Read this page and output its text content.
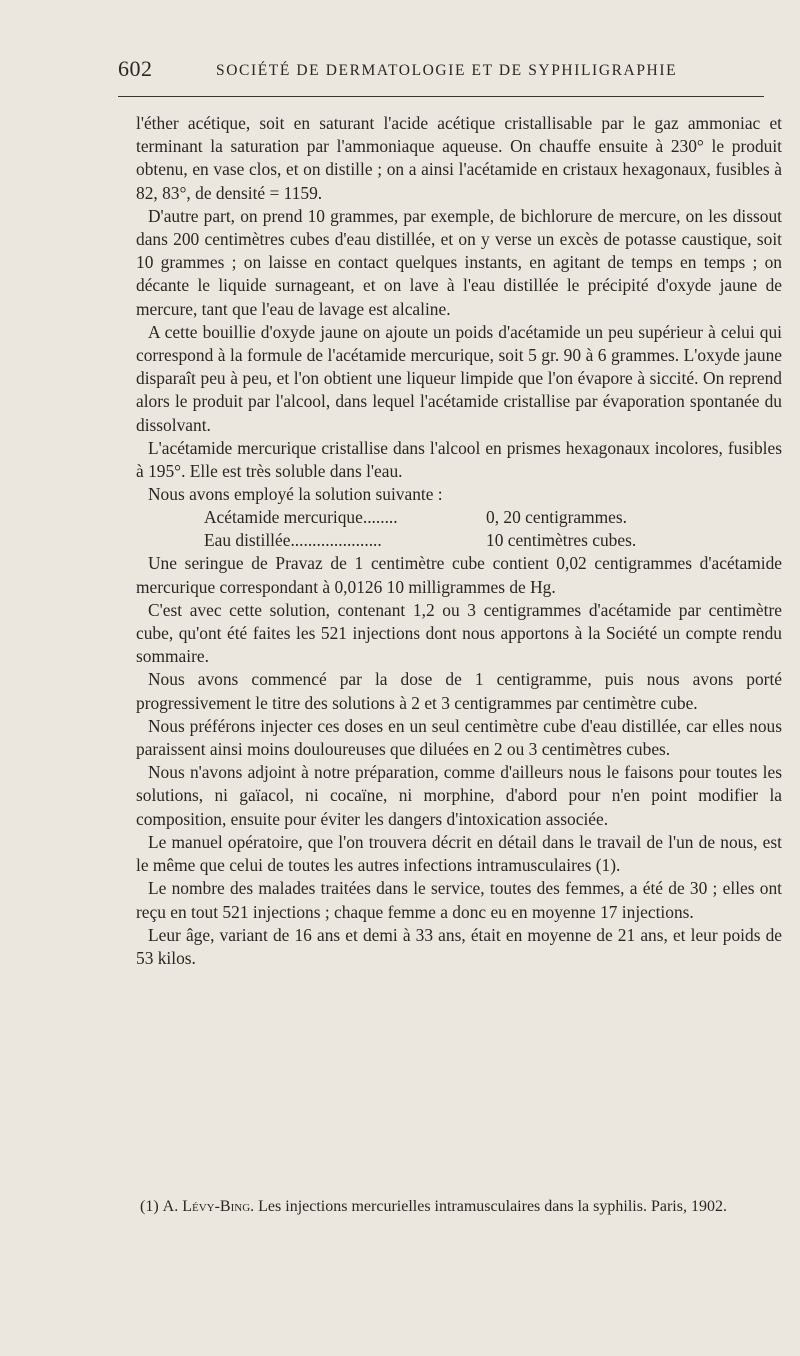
602	SOCIÉTÉ DE DERMATOLOGIE ET DE SYPHILIGRAPHIE

l'éther acétique, soit en saturant l'acide acétique cristallisable par le gaz ammoniac et terminant la saturation par l'ammoniaque aqueuse. On chauffe ensuite à 230° le produit obtenu, en vase clos, et on distille ; on a ainsi l'acétamide en cristaux hexagonaux, fusibles à 82, 83°, de densité = 1159.

D'autre part, on prend 10 grammes, par exemple, de bichlorure de mercure, on les dissout dans 200 centimètres cubes d'eau distillée, et on y verse un excès de potasse caustique, soit 10 grammes ; on laisse en contact quelques instants, en agitant de temps en temps ; on décante le liquide surnageant, et on lave à l'eau distillée le précipité d'oxyde jaune de mercure, tant que l'eau de lavage est alcaline.

A cette bouillie d'oxyde jaune on ajoute un poids d'acétamide un peu supérieur à celui qui correspond à la formule de l'acétamide mercurique, soit 5 gr. 90 à 6 grammes. L'oxyde jaune disparaît peu à peu, et l'on obtient une liqueur limpide que l'on évapore à siccité. On reprend alors le produit par l'alcool, dans lequel l'acétamide cristallise par évaporation spontanée du dissolvant.

L'acétamide mercurique cristallise dans l'alcool en prismes hexagonaux incolores, fusibles à 195°. Elle est très soluble dans l'eau.

Nous avons employé la solution suivante :

Acétamide mercurique........	0, 20 centigrammes.
Eau distillée.....................	10 centimètres cubes.

Une seringue de Pravaz de 1 centimètre cube contient 0,02 centigrammes d'acétamide mercurique correspondant à 0,0126 10 milligrammes de Hg.

C'est avec cette solution, contenant 1,2 ou 3 centigrammes d'acétamide par centimètre cube, qu'ont été faites les 521 injections dont nous apportons à la Société un compte rendu sommaire.

Nous avons commencé par la dose de 1 centigramme, puis nous avons porté progressivement le titre des solutions à 2 et 3 centigrammes par centimètre cube.

Nous préférons injecter ces doses en un seul centimètre cube d'eau distillée, car elles nous paraissent ainsi moins douloureuses que diluées en 2 ou 3 centimètres cubes.

Nous n'avons adjoint à notre préparation, comme d'ailleurs nous le faisons pour toutes les solutions, ni gaïacol, ni cocaïne, ni morphine, d'abord pour n'en point modifier la composition, ensuite pour éviter les dangers d'intoxication associée.

Le manuel opératoire, que l'on trouvera décrit en détail dans le travail de l'un de nous, est le même que celui de toutes les autres infections intramusculaires (1).

Le nombre des malades traitées dans le service, toutes des femmes, a été de 30 ; elles ont reçu en tout 521 injections ; chaque femme a donc eu en moyenne 17 injections.

Leur âge, variant de 16 ans et demi à 33 ans, était en moyenne de 21 ans, et leur poids de 53 kilos.

(1) A. Lévy-Bing. Les injections mercurielles intramusculaires dans la syphilis. Paris, 1902.
